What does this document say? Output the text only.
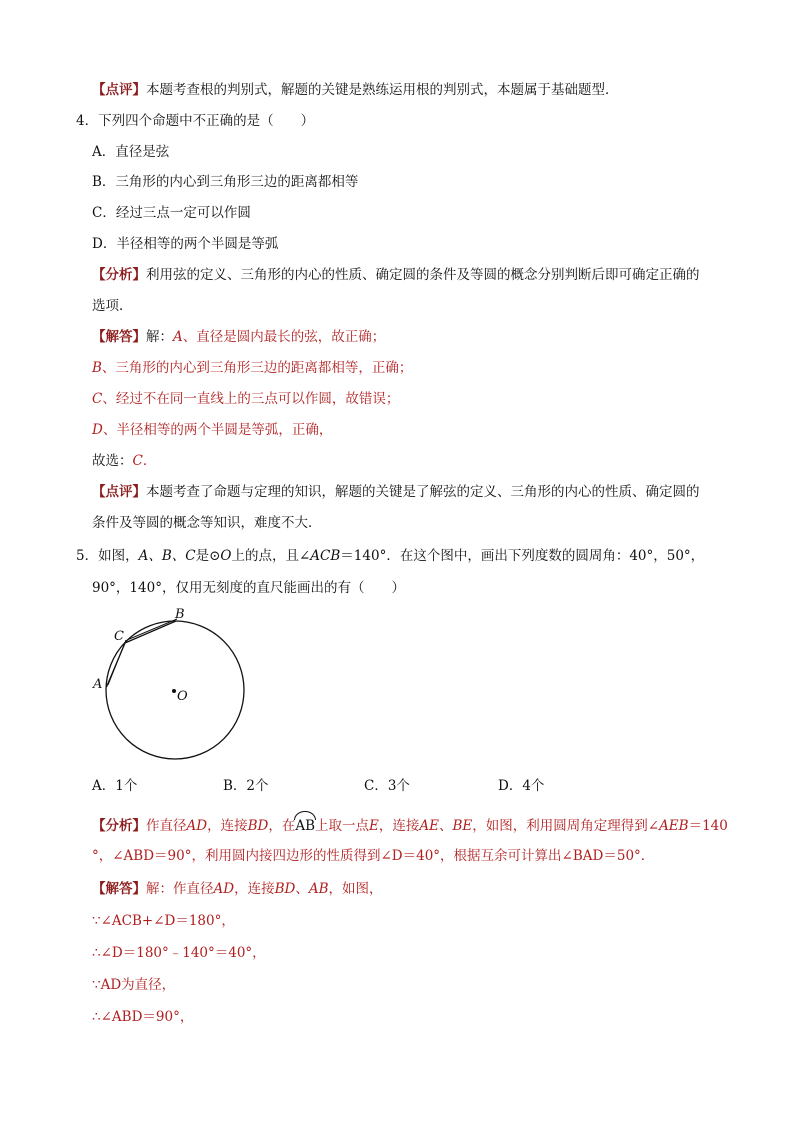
【点评】本题考查根的判别式，解题的关键是熟练运用根的判别式，本题属于基础题型．
4．下列四个命题中不正确的是（　　）
A．直径是弦
B．三角形的内心到三角形三边的距离都相等
C．经过三点一定可以作圆
D．半径相等的两个半圆是等弧
【分析】利用弦的定义、三角形的内心的性质、确定圆的条件及等圆的概念分别判断后即可确定正确的
选项．
【解答】解：A、直径是圆内最长的弦，故正确；
B、三角形的内心到三角形三边的距离都相等，正确；
C、经过不在同一直线上的三点可以作圆，故错误；
D、半径相等的两个半圆是等弧，正确，
故选：C．
【点评】本题考查了命题与定理的知识，解题的关键是了解弦的定义、三角形的内心的性质、确定圆的
条件及等圆的概念等知识，难度不大．
5．如图，A、B、C是⊙O上的点，且∠ACB＝140°．在这个图中，画出下列度数的圆周角：40°，50°，
90°，140°，仅用无刻度的直尺能画出的有（　　）
A
C
B
O
A．1个	B．2个	C．3个	D．4个
【分析】作直径AD，连接BD，在AB上取一点E，连接AE、BE，如图，利用圆周角定理得到∠AEB＝140
°，∠ABD＝90°，利用圆内接四边形的性质得到∠D＝40°，根据互余可计算出∠BAD＝50°．
【解答】解：作直径AD，连接BD、AB，如图，
∵∠ACB+∠D＝180°，
∴∠D＝180°﹣140°＝40°，
∵AD为直径，
∴∠ABD＝90°，
